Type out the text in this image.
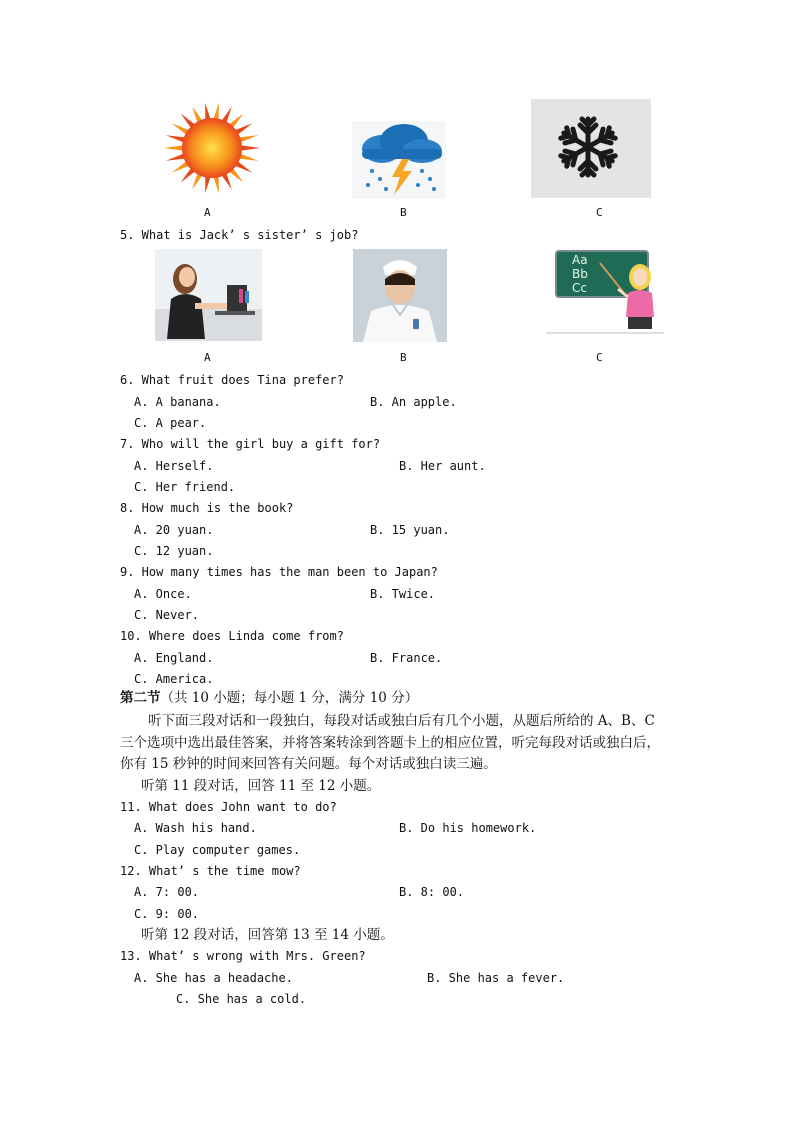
A	B	C
5. What is Jack’ s sister’ s job?
A	B
Aa
Bb
Cc
C
6. What fruit does Tina prefer?
A. A banana.	B. An apple.
C. A pear.
7. Who will the girl buy a gift for?
A. Herself.	B. Her aunt.
C. Her friend.
8. How much is the book?
A. 20 yuan.	B. 15 yuan.
C. 12 yuan.
9. How many times has the man been to Japan?
A. Once.	B. Twice.
C. Never.
10. Where does Linda come from?
A. England.	B. France.
C. America.
第二节（共 10 小题；每小题 1 分，满分 10 分）
听下面三段对话和一段独白，每段对话或独白后有几个小题，从题后所给的 A、B、C
三个选项中选出最佳答案，并将答案转涂到答题卡上的相应位置，听完每段对话或独白后，
你有 15 秒钟的时间来回答有关问题。每个对话或独白读三遍。
听第 11 段对话，回答 11 至 12 小题。
11. What does John want to do?
A. Wash his hand.	B. Do his homework.
C. Play computer games.
12. What’ s the time mow?
A. 7: 00.	B. 8: 00.
C. 9: 00.
听第 12 段对话，回答第 13 至 14 小题。
13. What’ s wrong with Mrs. Green?
A. She has a headache.	B. She has a fever.
C. She has a cold.
